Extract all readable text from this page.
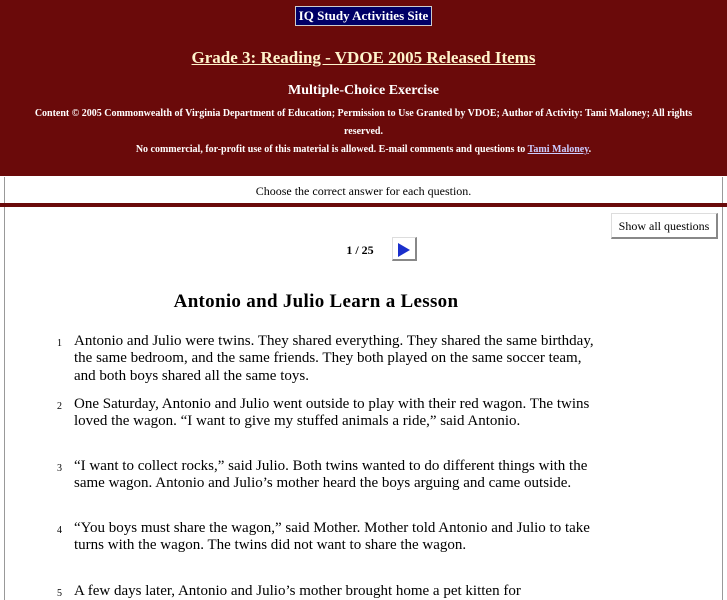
IQ Study Activities Site
Grade 3: Reading - VDOE 2005 Released Items
Multiple-Choice Exercise
Content © 2005 Commonwealth of Virginia Department of Education; Permission to Use Granted by VDOE; Author of Activity: Tami Maloney; All rights reserved.
No commercial, for-profit use of this material is allowed. E-mail comments and questions to Tami Maloney.
Choose the correct answer for each question.
Show all questions
1 / 25
Antonio and Julio Learn a Lesson
1 Antonio and Julio were twins. They shared everything. They shared the same birthday, the same bedroom, and the same friends. They both played on the same soccer team, and both boys shared all the same toys.
2 One Saturday, Antonio and Julio went outside to play with their red wagon. The twins loved the wagon. “I want to give my stuffed animals a ride,” said Antonio.
3 “I want to collect rocks,” said Julio. Both twins wanted to do different things with the same wagon. Antonio and Julio’s mother heard the boys arguing and came outside.
4 “You boys must share the wagon,” said Mother. Mother told Antonio and Julio to take turns with the wagon. The twins did not want to share the wagon.
5 A few days later, Antonio and Julio’s mother brought home a pet kitten for
